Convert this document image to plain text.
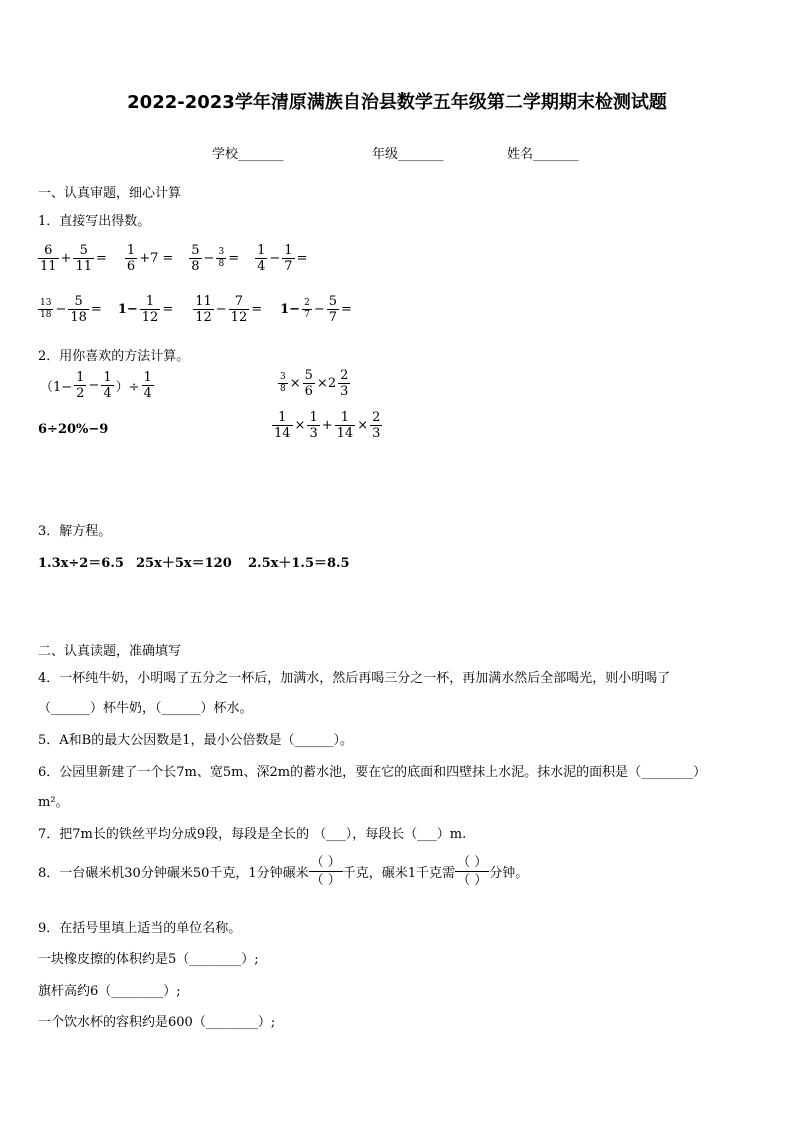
2022-2023学年清原满族自治县数学五年级第二学期期末检测试题
学校_______	年级_______	姓名_______
一、认真审题，细心计算
1．直接写出得数。
$\frac{6}{11} + \frac{5}{11} = \frac{1}{6} +7 = \frac{5}{8} - \frac{3}{8} = \frac{1}{4} - \frac{1}{7}$ =
$\frac{13}{18} - \frac{5}{18} = 1- \frac{1}{12} = \frac{11}{12} - \frac{7}{12} = 1- \frac{2}{7} - \frac{5}{7}$ =
2．用你喜欢的方法计算。
（$1- \frac{1}{2} - \frac{1}{4}$ ）÷ $\frac{1}{4}$	$\frac{3}{8} \times \frac{5}{6} \times 2 \frac{2}{3}$
6÷20%−9	$\frac{1}{14} \times \frac{1}{3} + \frac{1}{14} \times \frac{2}{3}$
3．解方程。
1.3x÷2＝6.5 25x＋5x＝120 2.5x＋1.5＝8.5
二、认真读题，准确填写
4．一杯纯牛奶，小明喝了五分之一杯后，加满水，然后再喝三分之一杯，再加满水然后全部喝光，则小明喝了
（______）杯牛奶，（______）杯水。
5．A和B的最大公因数是1，最小公倍数是（______）。
6．公园里新建了一个长7m、宽5m、深2m的蓄水池，要在它的底面和四壁抹上水泥。抹水泥的面积是（________）
m²。
7．把7m长的铁丝平均分成9段，每段是全长的 （___），每段长（___）m.
8．一台碾米机30分钟碾米50千克，1分钟碾米
（ ）
（ ） 千克，碾米1千克需
（ ）
（ ） 分钟。
9．在括号里填上适当的单位名称。
一块橡皮擦的体积约是5（________）;
旗杆高约6（________）;
一个饮水杯的容积约是600（________）;
